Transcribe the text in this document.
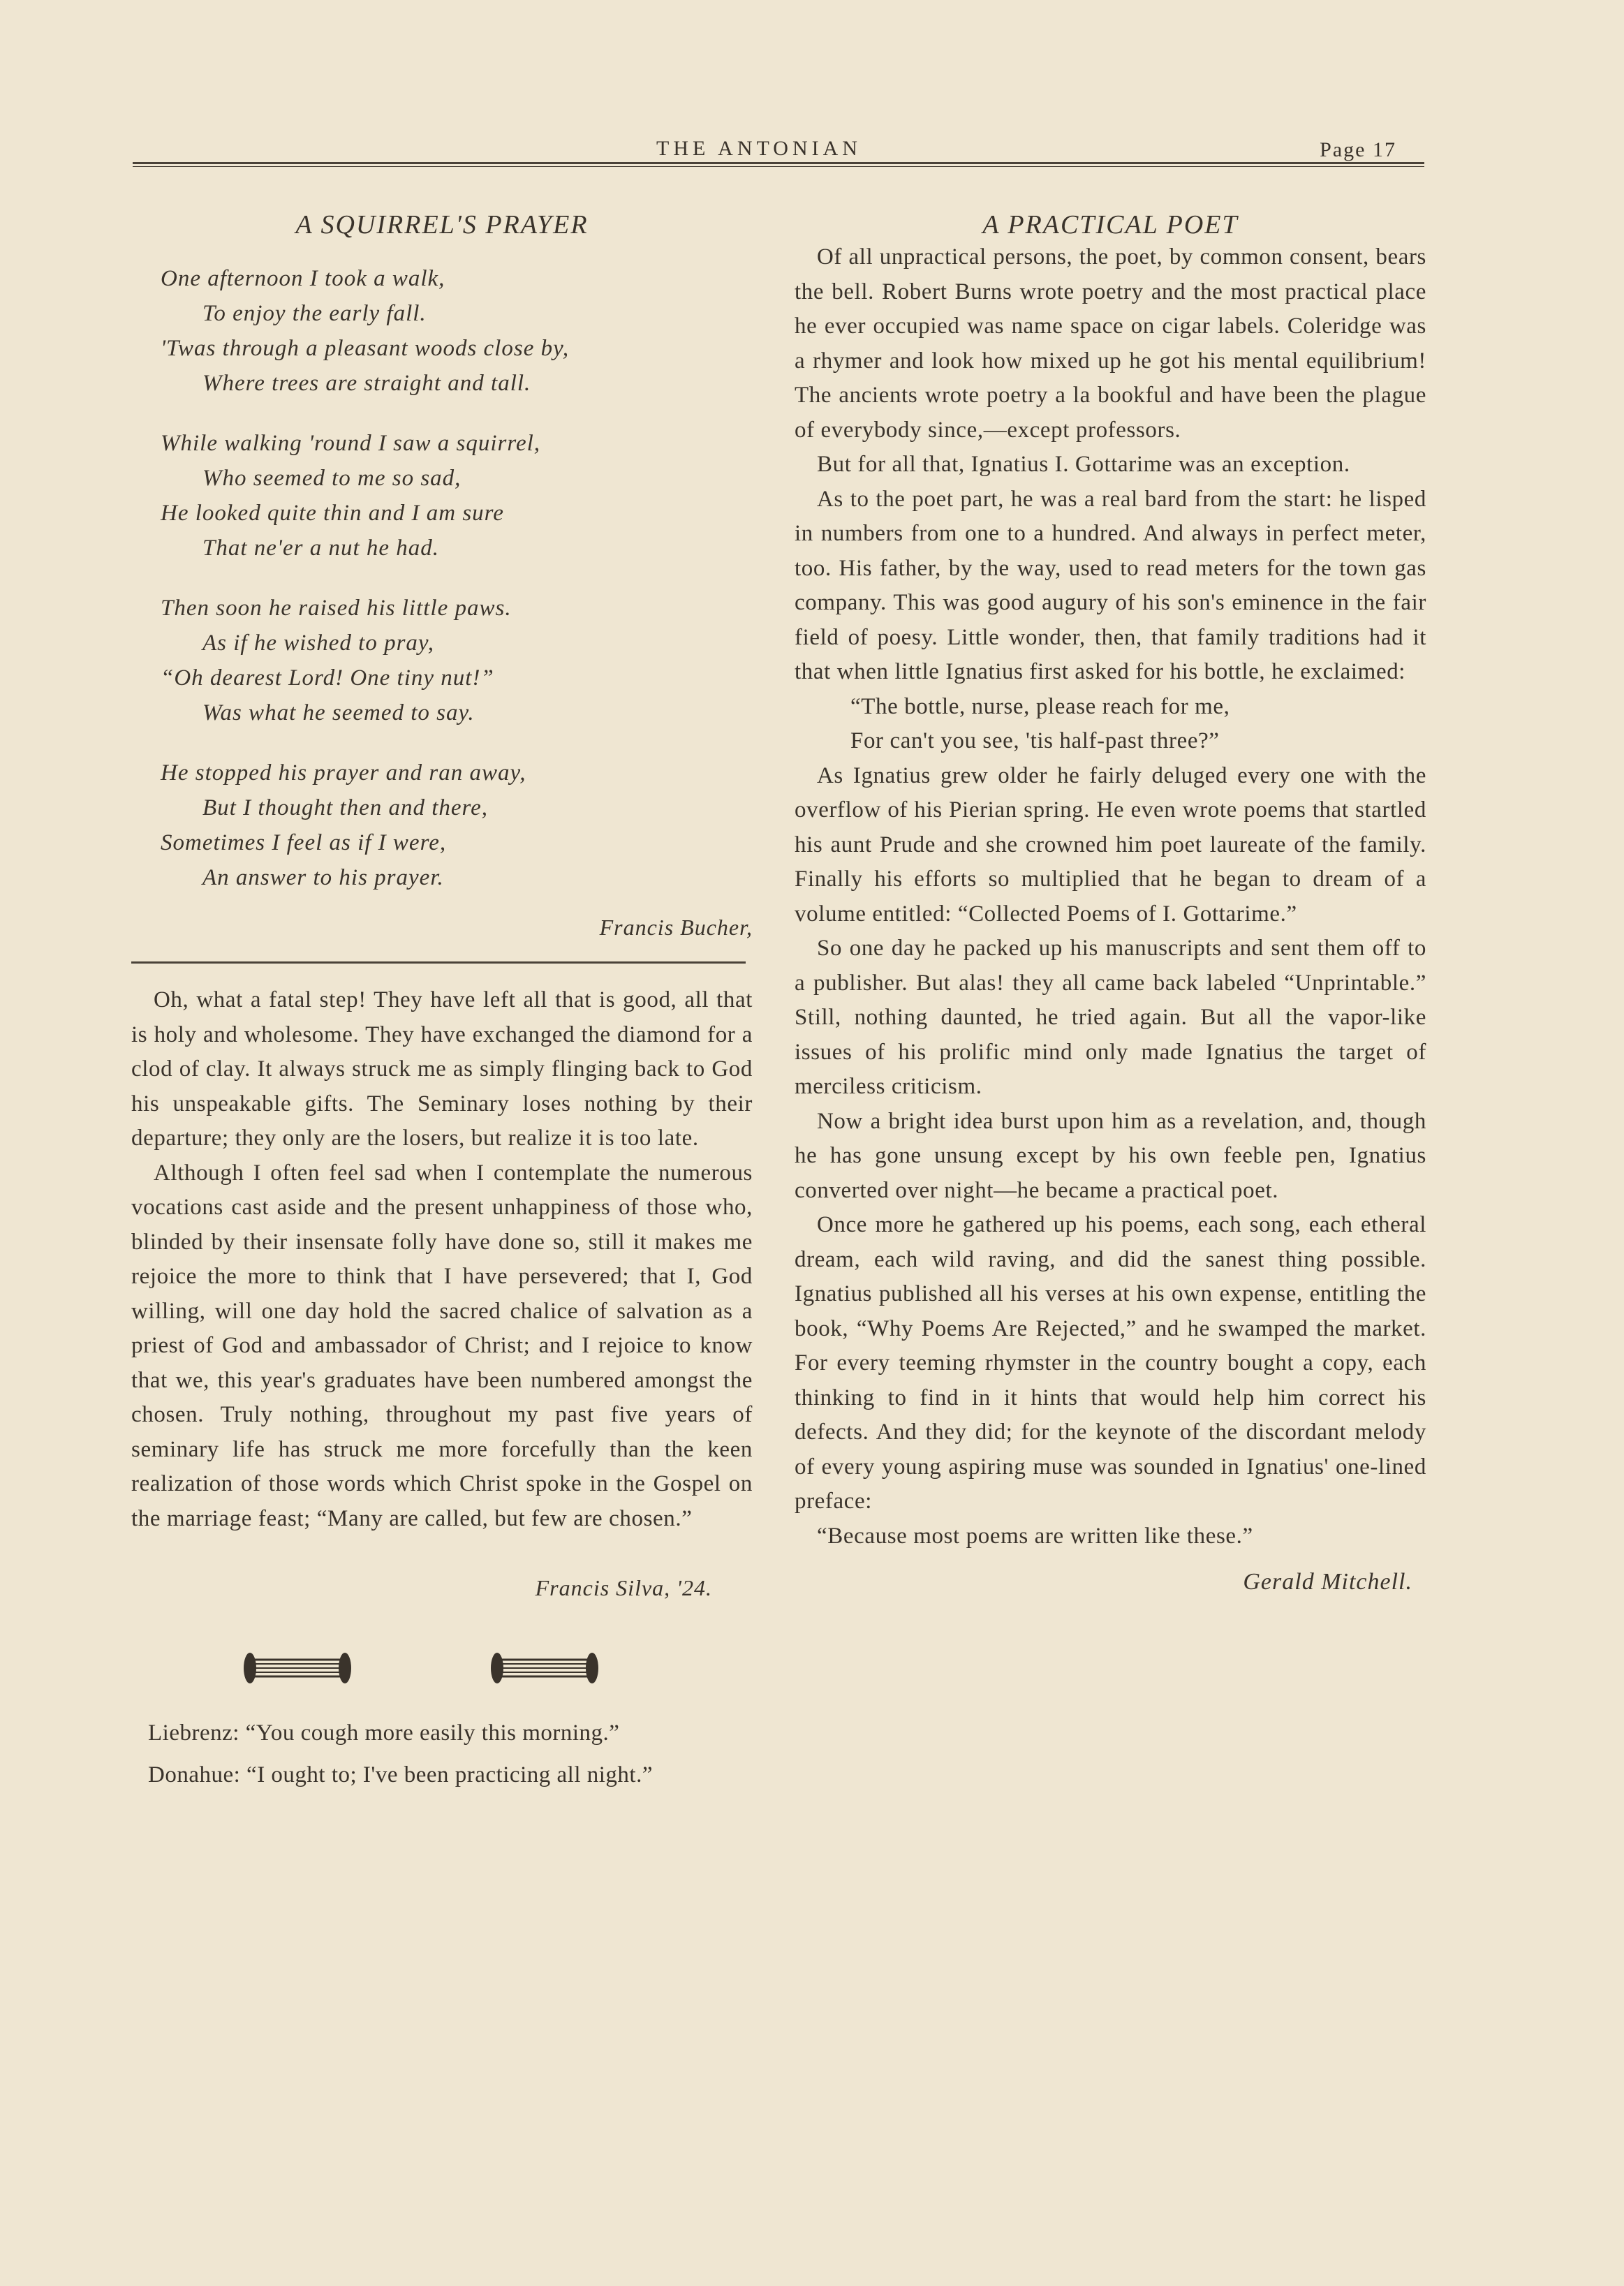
THE ANTONIAN	Page 17
A SQUIRREL'S PRAYER
One afternoon I took a walk,
To enjoy the early fall.
'Twas through a pleasant woods close by,
Where trees are straight and tall.
While walking 'round I saw a squirrel,
Who seemed to me so sad,
He looked quite thin and I am sure
That ne'er a nut he had.
Then soon he raised his little paws.
As if he wished to pray,
“Oh dearest Lord! One tiny nut!”
Was what he seemed to say.
He stopped his prayer and ran away,
But I thought then and there,
Sometimes I feel as if I were,
An answer to his prayer.
Francis Bucher,

Oh, what a fatal step! They have left all that is good, all that is holy and wholesome. They have exchanged the diamond for a clod of clay. It always struck me as simply flinging back to God his unspeakable gifts. The Seminary loses nothing by their departure; they only are the losers, but realize it is too late.

Although I often feel sad when I contemplate the numerous vocations cast aside and the present unhappiness of those who, blinded by their insensate folly have done so, still it makes me rejoice the more to think that I have persevered; that I, God willing, will one day hold the sacred chalice of salvation as a priest of God and ambassador of Christ; and I rejoice to know that we, this year's graduates have been numbered amongst the chosen. Truly nothing, throughout my past five years of seminary life has struck me more forcefully than the keen realization of those words which Christ spoke in the Gospel on the marriage feast; “Many are called, but few are chosen.”

Francis Silva, '24.

Liebrenz: “You cough more easily this morning.”

Donahue: “I ought to; I've been practicing all night.”

A PRACTICAL POET

Of all unpractical persons, the poet, by common consent, bears the bell. Robert Burns wrote poetry and the most practical place he ever occupied was name space on cigar labels. Coleridge was a rhymer and look how mixed up he got his mental equilibrium! The ancients wrote poetry a la bookful and have been the plague of everybody since,—except professors.

But for all that, Ignatius I. Gottarime was an exception.

As to the poet part, he was a real bard from the start: he lisped in numbers from one to a hundred. And always in perfect meter, too. His father, by the way, used to read meters for the town gas company. This was good augury of his son's eminence in the fair field of poesy. Little wonder, then, that family traditions had it that when little Ignatius first asked for his bottle, he exclaimed:

“The bottle, nurse, please reach for me,

For can't you see, 'tis half-past three?”

As Ignatius grew older he fairly deluged every one with the overflow of his Pierian spring. He even wrote poems that startled his aunt Prude and she crowned him poet laureate of the family. Finally his efforts so multiplied that he began to dream of a volume entitled: “Collected Poems of I. Gottarime.”

So one day he packed up his manuscripts and sent them off to a publisher. But alas! they all came back labeled “Unprintable.” Still, nothing daunted, he tried again. But all the vapor-like issues of his prolific mind only made Ignatius the target of merciless criticism.

Now a bright idea burst upon him as a revelation, and, though he has gone unsung except by his own feeble pen, Ignatius converted over night—he became a practical poet.

Once more he gathered up his poems, each song, each etheral dream, each wild raving, and did the sanest thing possible. Ignatius published all his verses at his own expense, entitling the book, “Why Poems Are Rejected,” and he swamped the market. For every teeming rhymster in the country bought a copy, each thinking to find in it hints that would help him correct his defects. And they did; for the keynote of the discordant melody of every young aspiring muse was sounded in Ignatius' one-lined preface:

“Because most poems are written like these.”

Gerald Mitchell.
